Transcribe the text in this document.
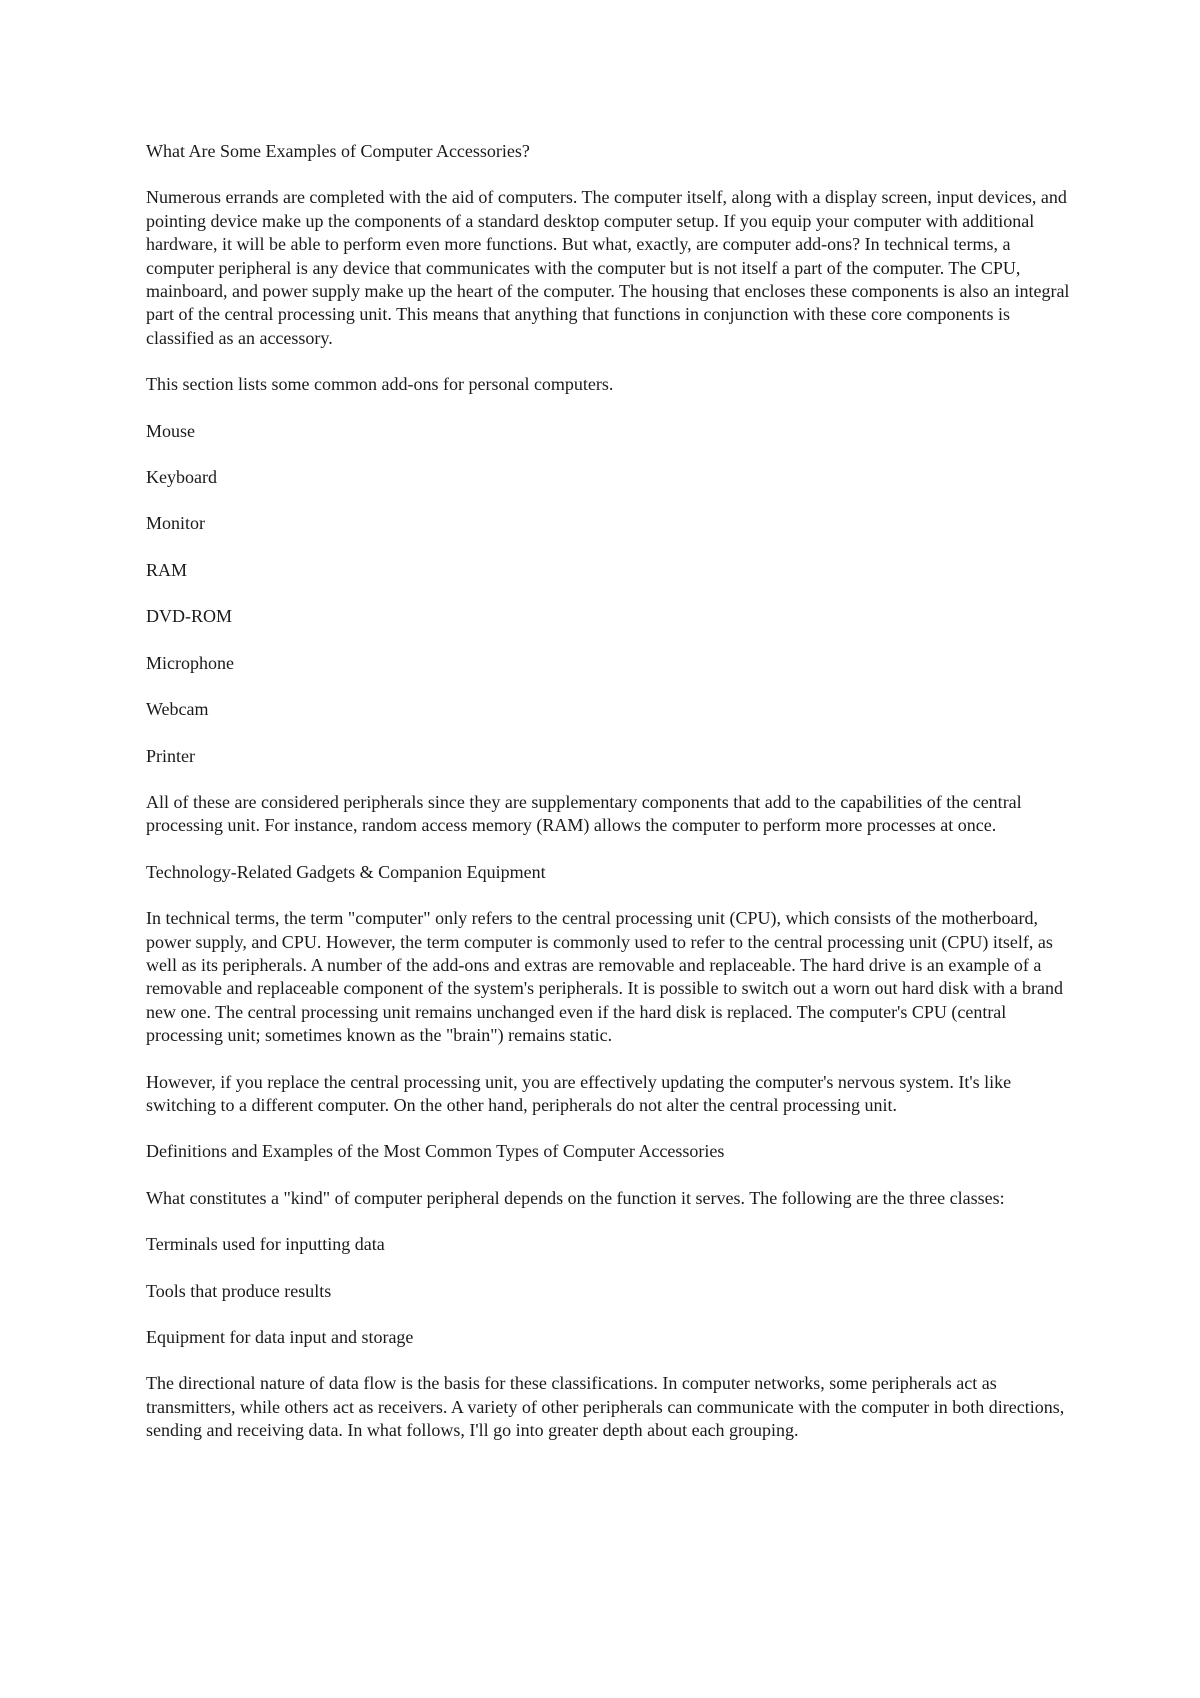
What Are Some Examples of Computer Accessories?

Numerous errands are completed with the aid of computers. The computer itself, along with a display screen, input devices, and pointing device make up the components of a standard desktop computer setup. If you equip your computer with additional hardware, it will be able to perform even more functions. But what, exactly, are computer add-ons? In technical terms, a computer peripheral is any device that communicates with the computer but is not itself a part of the computer. The CPU, mainboard, and power supply make up the heart of the computer. The housing that encloses these components is also an integral part of the central processing unit. This means that anything that functions in conjunction with these core components is classified as an accessory.

This section lists some common add-ons for personal computers.

Mouse

Keyboard

Monitor

RAM

DVD-ROM

Microphone

Webcam

Printer

All of these are considered peripherals since they are supplementary components that add to the capabilities of the central processing unit. For instance, random access memory (RAM) allows the computer to perform more processes at once.

Technology-Related Gadgets & Companion Equipment

In technical terms, the term "computer" only refers to the central processing unit (CPU), which consists of the motherboard, power supply, and CPU. However, the term computer is commonly used to refer to the central processing unit (CPU) itself, as well as its peripherals. A number of the add-ons and extras are removable and replaceable. The hard drive is an example of a removable and replaceable component of the system's peripherals. It is possible to switch out a worn out hard disk with a brand new one. The central processing unit remains unchanged even if the hard disk is replaced. The computer's CPU (central processing unit; sometimes known as the "brain") remains static.

However, if you replace the central processing unit, you are effectively updating the computer's nervous system. It's like switching to a different computer. On the other hand, peripherals do not alter the central processing unit.

Definitions and Examples of the Most Common Types of Computer Accessories

What constitutes a "kind" of computer peripheral depends on the function it serves. The following are the three classes:

Terminals used for inputting data

Tools that produce results

Equipment for data input and storage

The directional nature of data flow is the basis for these classifications. In computer networks, some peripherals act as transmitters, while others act as receivers. A variety of other peripherals can communicate with the computer in both directions, sending and receiving data. In what follows, I'll go into greater depth about each grouping.
